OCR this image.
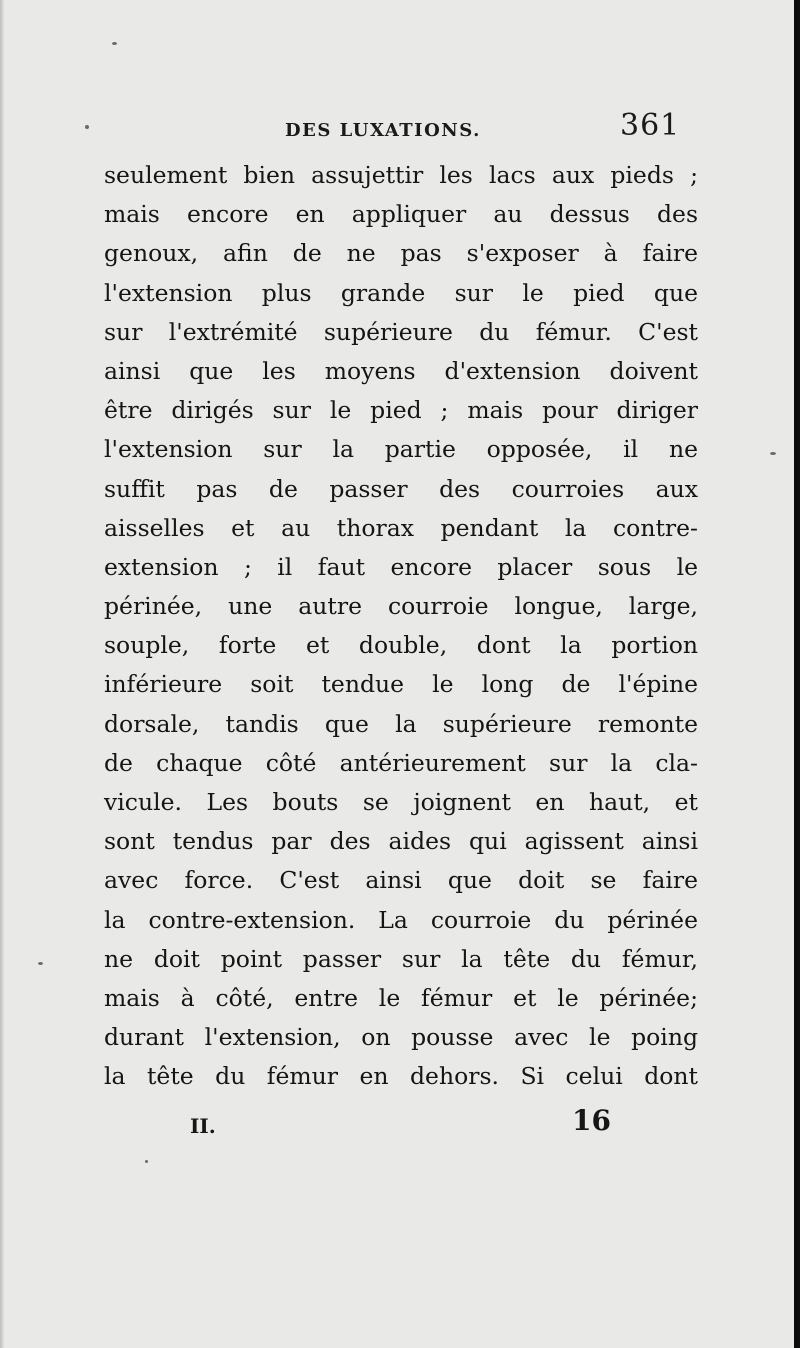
DES LUXATIONS.	361
seulement bien assujettir les lacs aux pieds ;
mais encore en appliquer au dessus des
genoux, afin de ne pas s'exposer à faire
l'extension plus grande sur le pied que
sur l'extrémité supérieure du fémur. C'est
ainsi que les moyens d'extension doivent
être dirigés sur le pied ; mais pour diriger
l'extension sur la partie opposée, il ne
suffit pas de passer des courroies aux
aisselles et au thorax pendant la contre-
extension ; il faut encore placer sous le
périnée, une autre courroie longue, large,
souple, forte et double, dont la portion
inférieure soit tendue le long de l'épine
dorsale, tandis que la supérieure remonte
de chaque côté antérieurement sur la cla-
vicule. Les bouts se joignent en haut, et
sont tendus par des aides qui agissent ainsi
avec force. C'est ainsi que doit se faire
la contre-extension. La courroie du périnée
ne doit point passer sur la tête du fémur,
mais à côté, entre le fémur et le périnée;
durant l'extension, on pousse avec le poing
la tête du fémur en dehors. Si celui dont
II.	16
